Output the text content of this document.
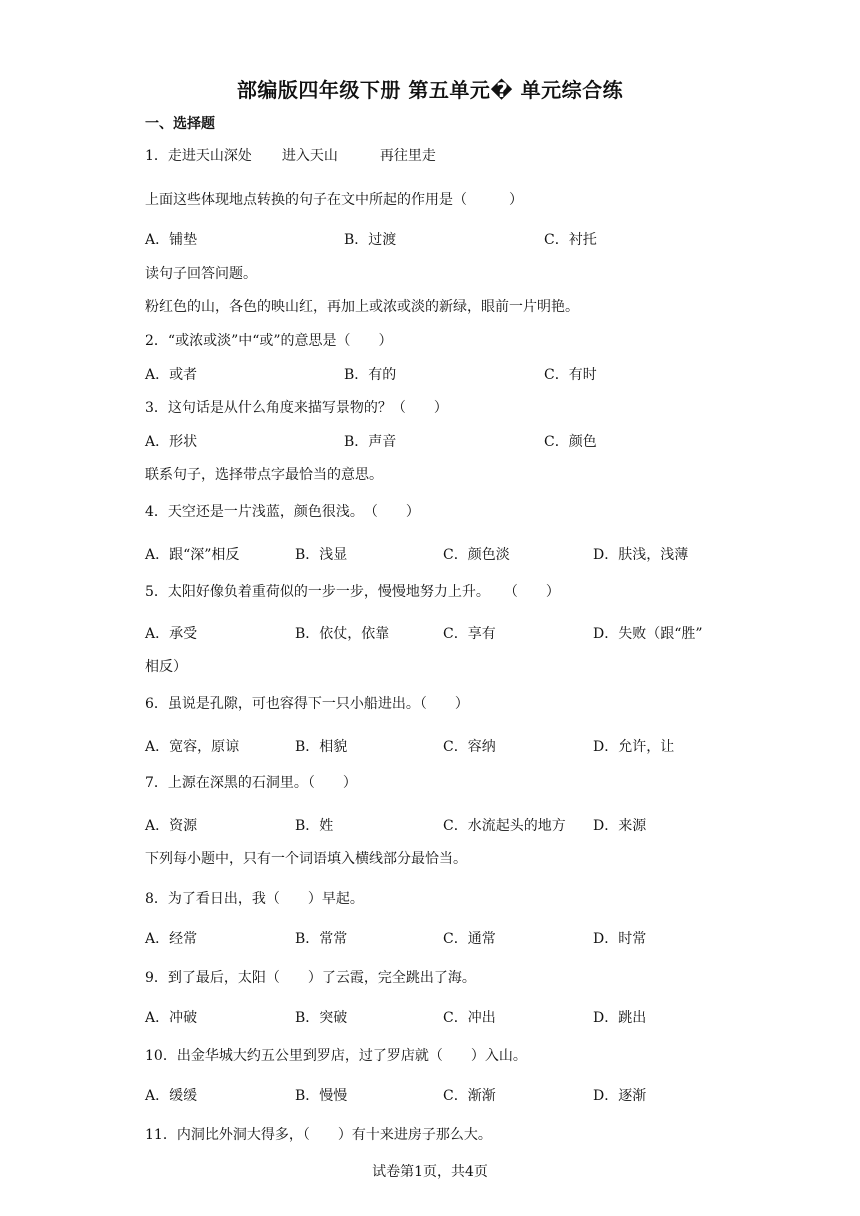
部编版四年级下册 第五单元� 单元综合练
一、选择题
1．走进天山深处 进入天山	再往里走
上面这些体现地点转换的句子在文中所起的作用是（　　　）
A．铺垫	B．过渡	C．衬托
读句子回答问题。
粉红色的山，各色的映山红，再加上或浓或淡的新绿，眼前一片明艳。
2．“或浓或淡”中“或”的意思是（　　）
A．或者	B．有的	C．有时
3．这句话是从什么角度来描写景物的？（　　）
A．形状	B．声音	C．颜色
联系句子，选择带点字最恰当的意思。
4．天空还是一片浅蓝，颜色很浅。　（　　）
A．跟“深”相反	B．浅显	C．颜色淡	D．肤浅，浅薄
5．太阳好像负着重荷似的一步一步，慢慢地努力上升。　　（　　）
A．承受	B．依仗，依靠	C．享有	D．失败（跟“胜”
相反）
6．虽说是孔隙，可也容得下一只小船进出。（　　）
A．宽容，原谅	B．相貌	C．容纳	D．允许，让
7．上源在深黑的石洞里。（　　）
A．资源	B．姓	C．水流起头的地方 D．来源
下列每小题中，只有一个词语填入横线部分最恰当。
8．为了看日出，我（　　）早起。
A．经常	B．常常	C．通常	D．时常
9．到了最后，太阳（　　）了云霞，完全跳出了海。
A．冲破	B．突破	C．冲出	D．跳出
10．出金华城大约五公里到罗店，过了罗店就（　　）入山。
A．缓缓	B．慢慢	C．渐渐	D．逐渐
11．内洞比外洞大得多，（　　）有十来进房子那么大。
试卷第1页，共4页
